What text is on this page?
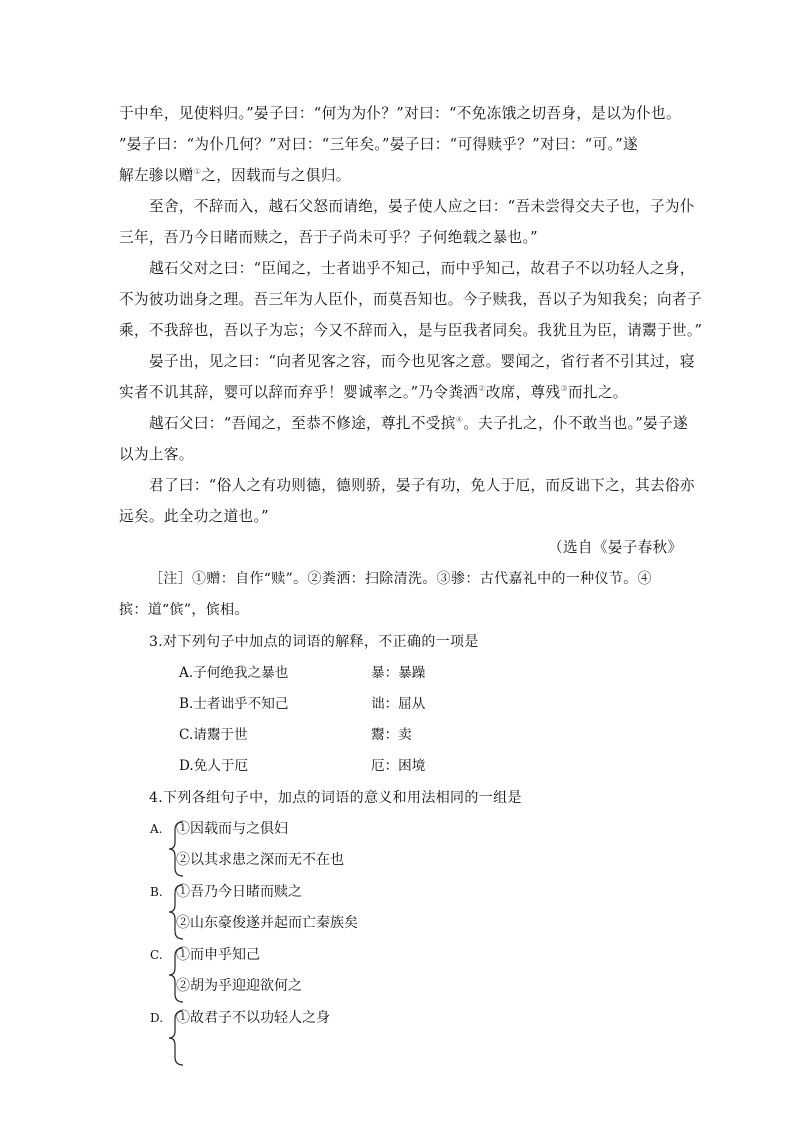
于中牟，见使料归。”晏子曰：“何为为仆？”对曰：“不免冻饿之切吾身，是以为仆也。
”晏子曰：“为仆几何？”对曰：“三年矣。”晏子曰：“可得赎乎？”对曰：“可。”遂
解左骖以赠①之，因载而与之俱归。
至舍，不辞而入，越石父怒而请绝，晏子使人应之曰：“吾未尝得交夫子也，子为仆
三年，吾乃今日睹而赎之，吾于子尚未可乎？子何绝载之暴也。”
越石父对之曰：“臣闻之，士者诎乎不知己，而中乎知己，故君子不以功轻人之身，
不为彼功诎身之理。吾三年为人臣仆，而莫吾知也。今子赎我，吾以子为知我矣；向者子
乘，不我辞也，吾以子为忘；今又不辞而入，是与臣我者同矣。我犹且为臣，请鬻于世。”
晏子出，见之曰：“向者见客之容，而今也见客之意。婴闻之，省行者不引其过，寝
实者不讥其辞，婴可以辞而弃乎！婴诚率之。”乃令粪洒②改席，尊残③而扎之。
越石父曰：“吾闻之，至恭不修途，尊扎不受摈④。夫子扎之，仆不敢当也。”晏子遂
以为上客。
君了曰：“俗人之有功则德，德则骄，晏子有功，免人于厄，而反诎下之，其去俗亦
远矣。此全功之道也。”
（选自《晏子春秋》
［注］①赠：自作“赎”。②粪洒：扫除清洗。③骖：古代嘉礼中的一种仪节。④
摈：道“傧”，傧相。
3.对下列句子中加点的词语的解释，不正确的一项是
A.子何绝我之暴也	暴：暴躁
B.士者诎乎不知己	诎：屈从
C.请鬻于世	鬻：卖
D.免人于厄	厄：困境
4.下列各组句子中，加点的词语的意义和用法相同的一组是
A. ①因载而与之俱妇
②以其求患之深而无不在也
B. ①吾乃今日睹而赎之
②山东豪俊遂并起而亡秦族矣
C. ①而申乎知己
②胡为乎迎迎欲何之
D. ①故君子不以功轻人之身
